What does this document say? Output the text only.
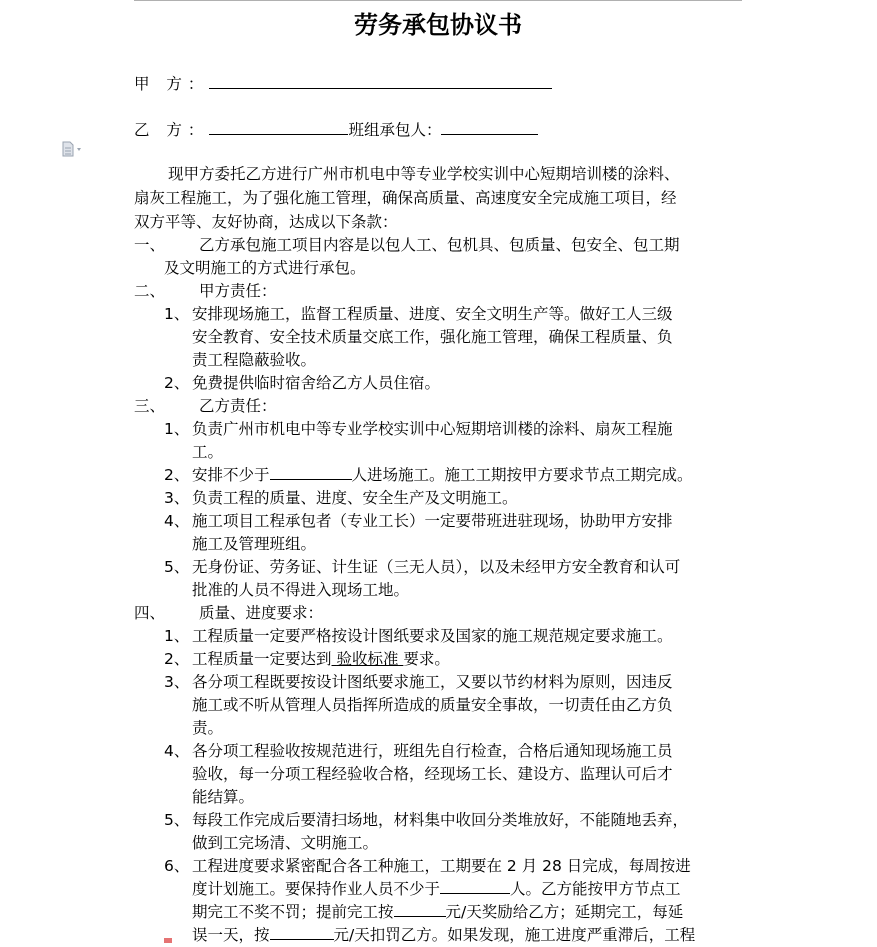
劳务承包协议书
甲 方：
乙 方：	班组承包人：
现甲方委托乙方进行广州市机电中等专业学校实训中心短期培训楼的涂料、
扇灰工程施工，为了强化施工管理，确保高质量、高速度安全完成施工项目，经
双方平等、友好协商，达成以下条款：
一、 乙方承包施工项目内容是以包人工、包机具、包质量、包安全、包工期
及文明施工的方式进行承包。
二、 甲方责任：
1、 安排现场施工，监督工程质量、进度、安全文明生产等。做好工人三级
安全教育、安全技术质量交底工作，强化施工管理，确保工程质量、负
责工程隐蔽验收。
2、 免费提供临时宿舍给乙方人员住宿。
三、 乙方责任：
1、 负责广州市机电中等专业学校实训中心短期培训楼的涂料、扇灰工程施
工。
2、 安排不少于	人进场施工。施工工期按甲方要求节点工期完成。
3、 负责工程的质量、进度、安全生产及文明施工。
4、 施工项目工程承包者（专业工长）一定要带班进驻现场，协助甲方安排
施工及管理班组。
5、 无身份证、劳务证、计生证（三无人员），以及未经甲方安全教育和认可
批准的人员不得进入现场工地。
四、 质量、进度要求：
1、 工程质量一定要严格按设计图纸要求及国家的施工规范规定要求施工。
2、 工程质量一定要达到 验收标准 要求。
3、 各分项工程既要按设计图纸要求施工，又要以节约材料为原则，因违反
施工或不听从管理人员指挥所造成的质量安全事故，一切责任由乙方负
责。
4、 各分项工程验收按规范进行，班组先自行检查，合格后通知现场施工员
验收，每一分项工程经验收合格，经现场工长、建设方、监理认可后才
能结算。
5、 每段工作完成后要清扫场地，材料集中收回分类堆放好，不能随地丢弃，
做到工完场清、文明施工。
6、 工程进度要求紧密配合各工种施工，工期要在 2 月 28 日完成，每周按进
度计划施工。要保持作业人员不少于	人。乙方能按甲方节点工
期完工不奖不罚；提前完工按	元/天奖励给乙方；延期完工，每延
误一天，按	元/天扣罚乙方。如果发现，施工进度严重滞后，工程
